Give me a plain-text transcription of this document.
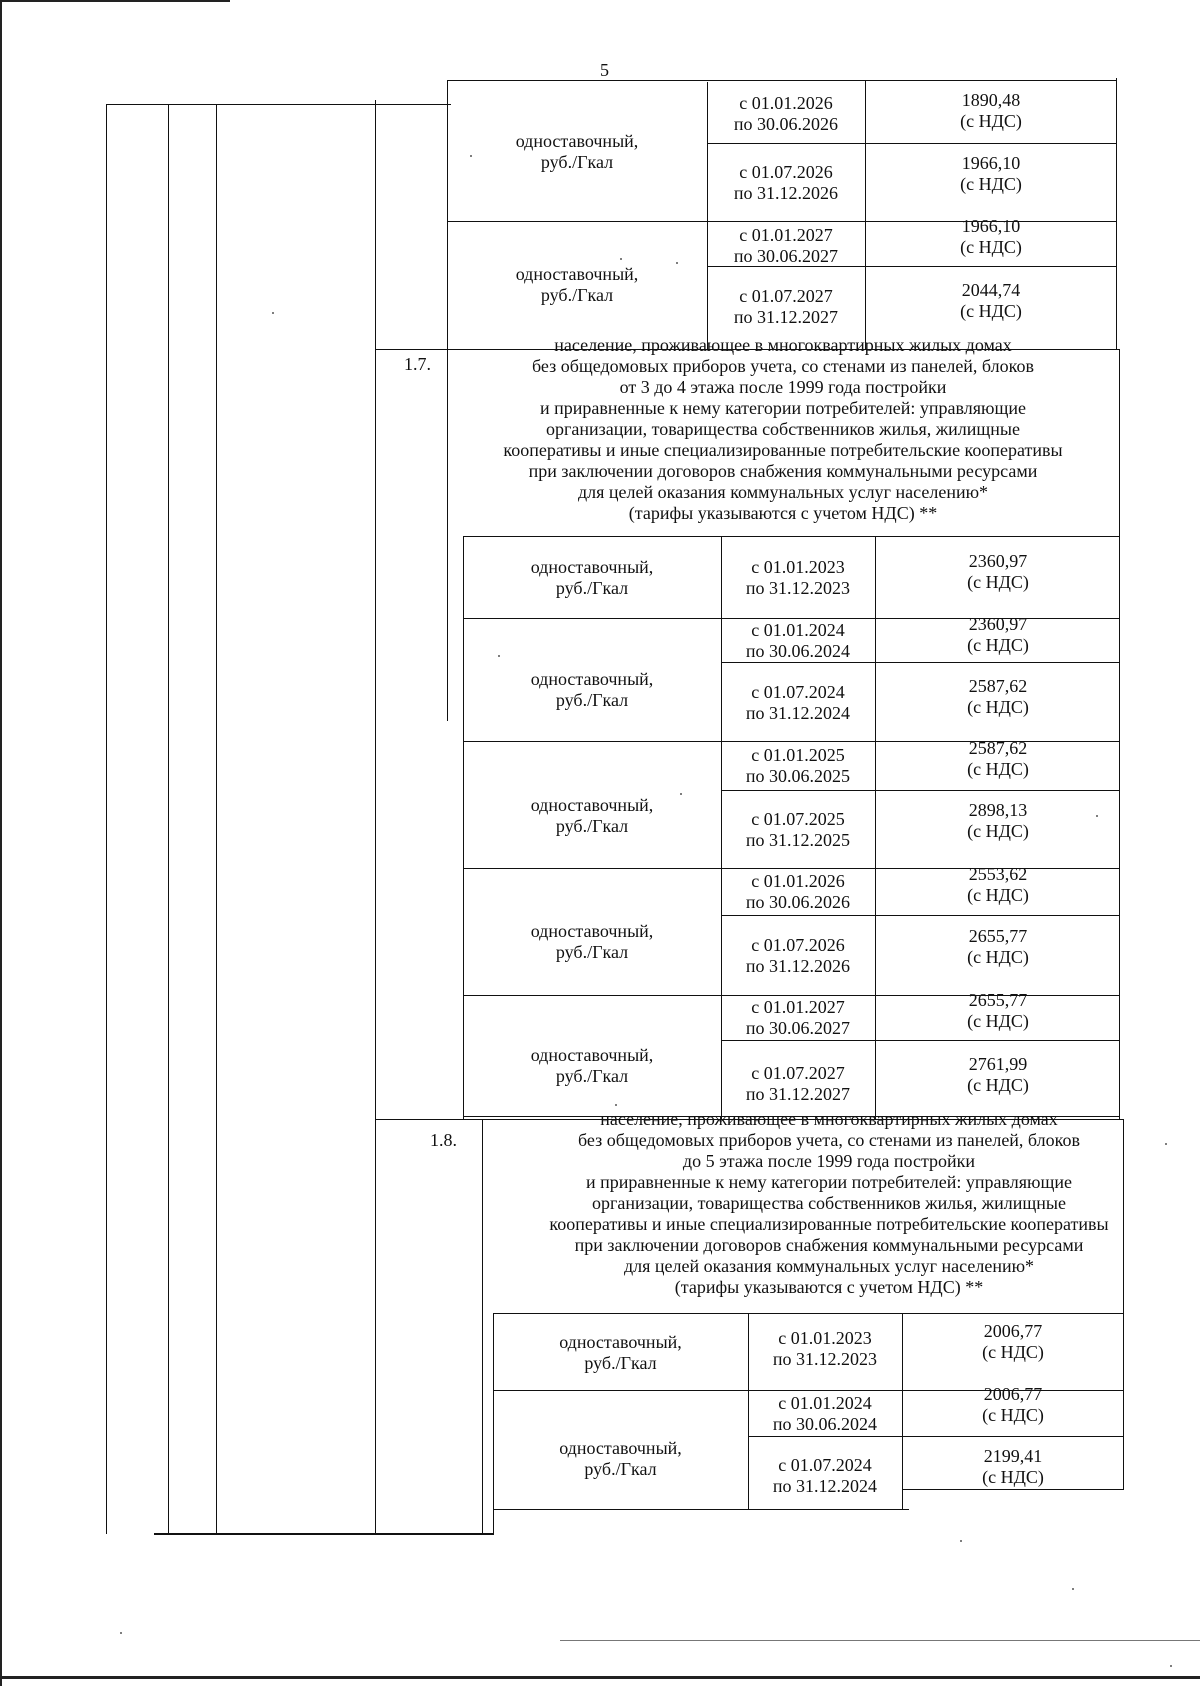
5
одноставочный,
руб./Гкал
с 01.01.2026
по 30.06.2026
1890,48
(с НДС)
с 01.07.2026
по 31.12.2026
1966,10
(с НДС)
одноставочный,
руб./Гкал
с 01.01.2027
по 30.06.2027
1966,10
(с НДС)
с 01.07.2027
по 31.12.2027
2044,74
(с НДС)
1.7.
население, проживающее в многоквартирных жилых домах
без общедомовых приборов учета, со стенами из панелей, блоков
от 3 до 4 этажа после 1999 года постройки
и приравненные к нему категории потребителей: управляющие
организации, товарищества собственников жилья, жилищные
кооперативы и иные специализированные потребительские кооперативы
при заключении договоров снабжения коммунальными ресурсами
для целей оказания коммунальных услуг населению*
(тарифы указываются с учетом НДС) **
одноставочный,
руб./Гкал
с 01.01.2023
по 31.12.2023
2360,97
(с НДС)
одноставочный,
руб./Гкал
с 01.01.2024
по 30.06.2024
2360,97
(с НДС)
с 01.07.2024
по 31.12.2024
2587,62
(с НДС)
одноставочный,
руб./Гкал
с 01.01.2025
по 30.06.2025
2587,62
(с НДС)
с 01.07.2025
по 31.12.2025
2898,13
(с НДС)
одноставочный,
руб./Гкал
с 01.01.2026
по 30.06.2026
2553,62
(с НДС)
с 01.07.2026
по 31.12.2026
2655,77
(с НДС)
одноставочный,
руб./Гкал
с 01.01.2027
по 30.06.2027
2655,77
(с НДС)
с 01.07.2027
по 31.12.2027
2761,99
(с НДС)
1.8.
население, проживающее в многоквартирных жилых домах
без общедомовых приборов учета, со стенами из панелей, блоков
до 5 этажа после 1999 года постройки
и приравненные к нему категории потребителей: управляющие
организации, товарищества собственников жилья, жилищные
кооперативы и иные специализированные потребительские кооперативы
при заключении договоров снабжения коммунальными ресурсами
для целей оказания коммунальных услуг населению*
(тарифы указываются с учетом НДС) **
одноставочный,
руб./Гкал
с 01.01.2023
по 31.12.2023
2006,77
(с НДС)
одноставочный,
руб./Гкал
с 01.01.2024
по 30.06.2024
2006,77
(с НДС)
с 01.07.2024
по 31.12.2024
2199,41
(с НДС)
